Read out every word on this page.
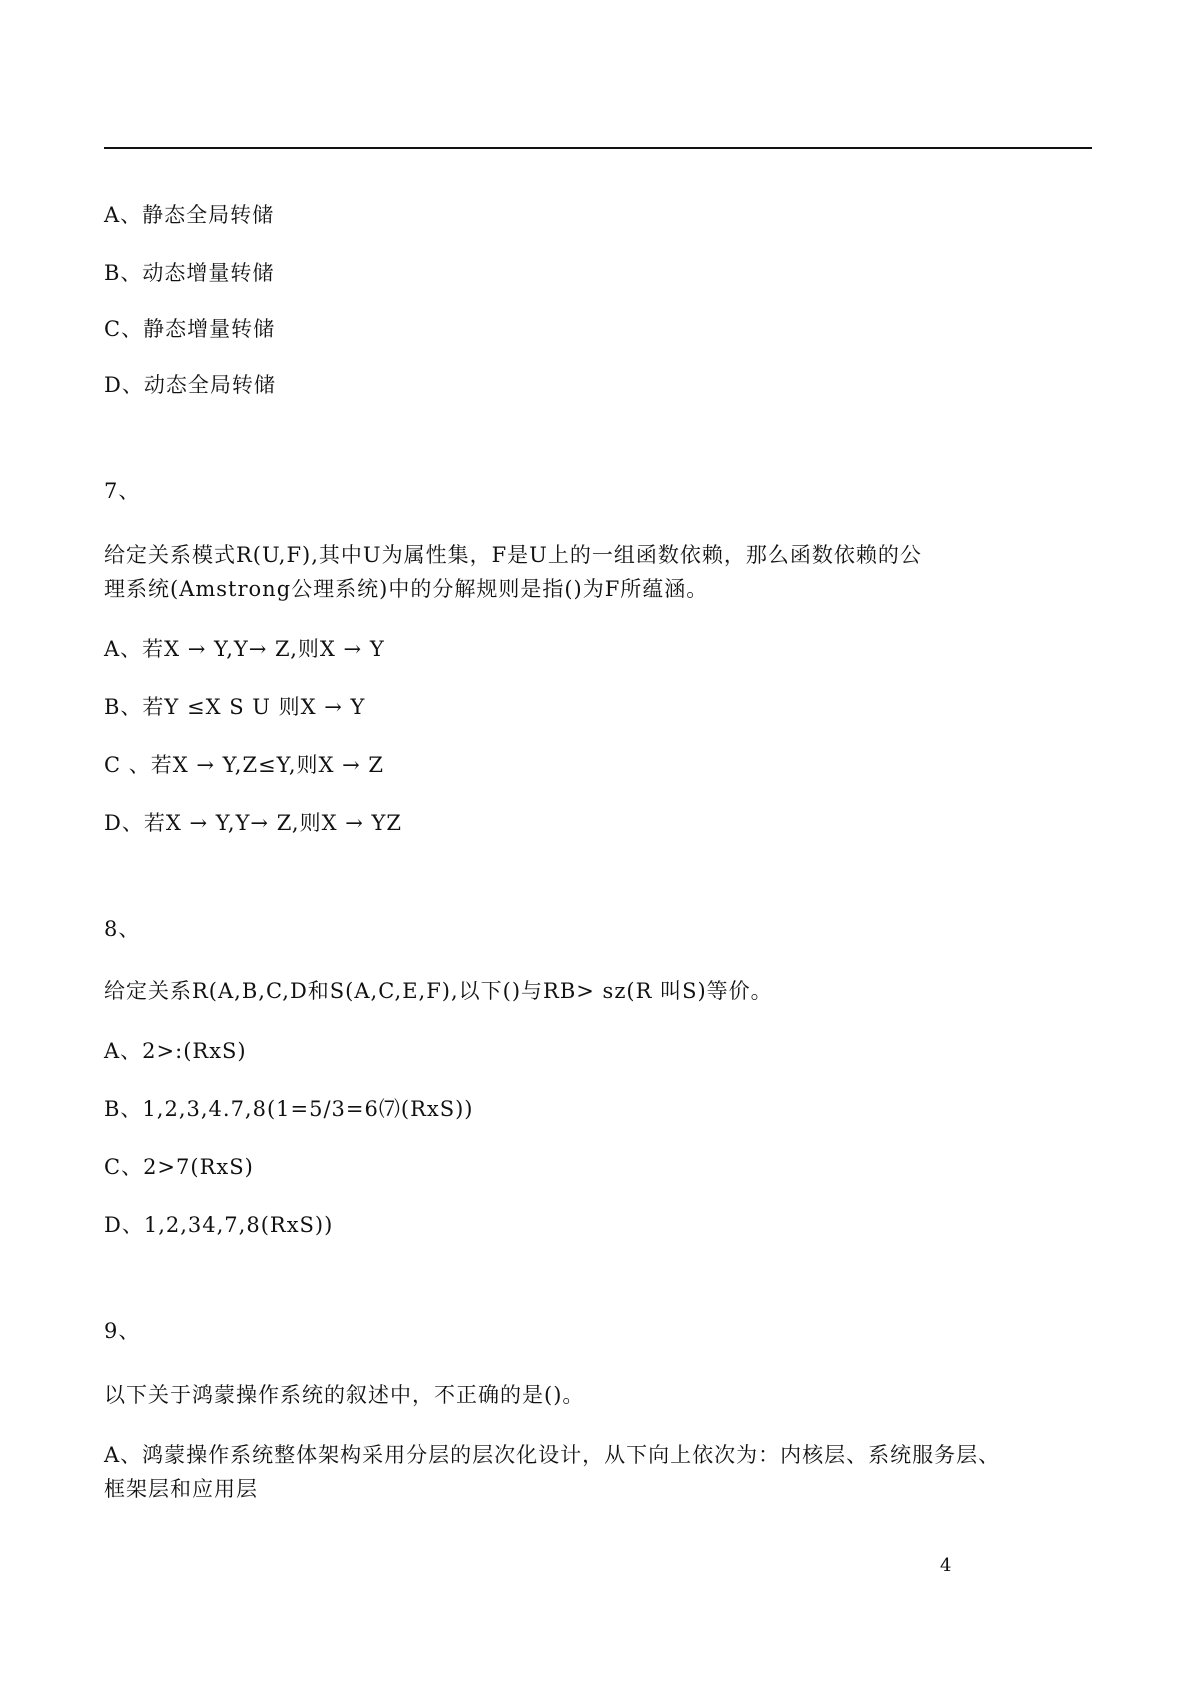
A、静态全局转储
B、动态增量转储
C、静态增量转储
D、动态全局转储
7、
给定关系模式R(U,F),其中U为属性集，F是U上的一组函数依赖，那么函数依赖的公
理系统(Amstrong公理系统)中的分解规则是指()为F所蕴涵。
A、若X → Y,Y→ Z,则X → Y
B、若Y ≤X S U 则X → Y
C 、若X → Y,Z≤Y,则X → Z
D、若X → Y,Y→ Z,则X → YZ
8、
给定关系R(A,B,C,D和S(A,C,E,F),以下()与RB> sz(R 叫S)等价。
A、2>:(RxS)
B、1,2,3,4.7,8(1=5/3=6⑺(RxS))
C、2>7(RxS)
D、1,2,34,7,8(RxS))
9、
以下关于鸿蒙操作系统的叙述中，不正确的是()。
A、鸿蒙操作系统整体架构采用分层的层次化设计，从下向上依次为：内核层、系统服务层、
框架层和应用层
4
